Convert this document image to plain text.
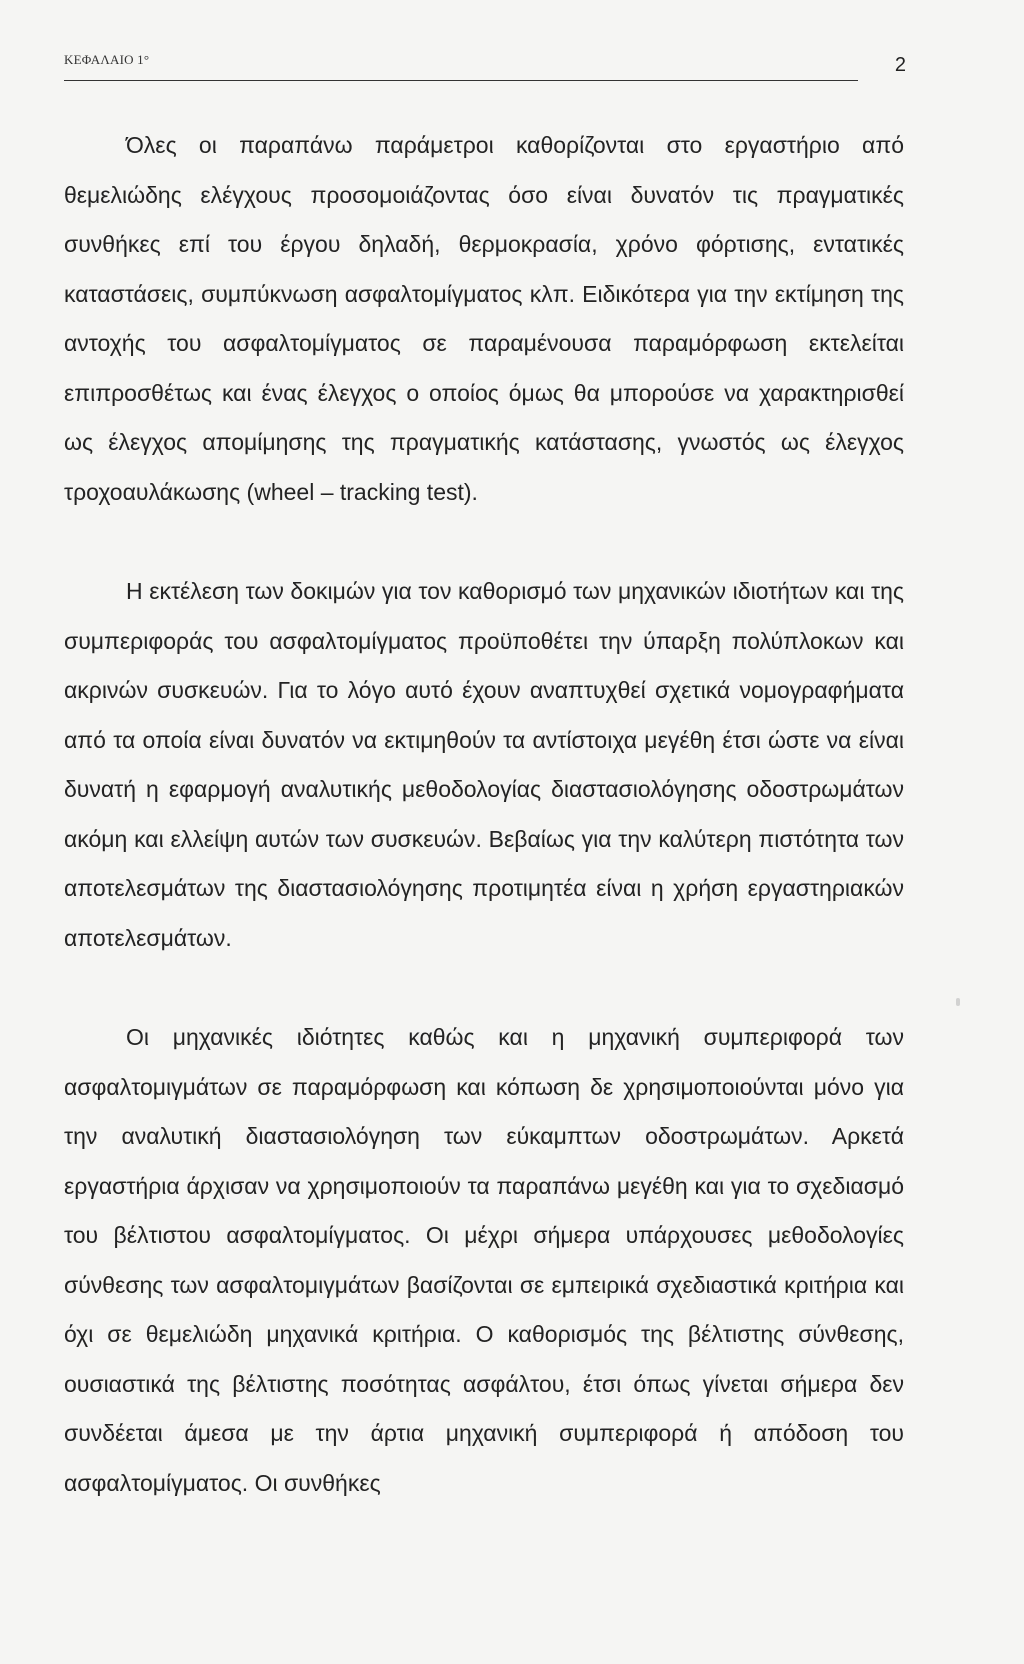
ΚΕΦΑΛΑΙΟ 1°	2

Όλες οι παραπάνω παράμετροι καθορίζονται στο εργαστήριο από θεμελιώδης ελέγχους προσομοιάζοντας όσο είναι δυνατόν τις πραγματικές συνθήκες επί του έργου δηλαδή, θερμοκρασία, χρόνο φόρτισης, εντατικές καταστάσεις, συμπύκνωση ασφαλτομίγματος κλπ. Ειδικότερα για την εκτίμηση της αντοχής του ασφαλτομίγματος σε παραμένουσα παραμόρφωση εκτελείται επιπροσθέτως και ένας έλεγχος ο οποίος όμως θα μπορούσε να χαρακτηρισθεί ως έλεγχος απομίμησης της πραγματικής κατάστασης, γνωστός ως έλεγχος τροχοαυλάκωσης (wheel – tracking test).

Η εκτέλεση των δοκιμών για τον καθορισμό των μηχανικών ιδιοτήτων και της συμπεριφοράς του ασφαλτομίγματος προϋποθέτει την ύπαρξη πολύπλοκων και ακρινών συσκευών. Για το λόγο αυτό έχουν αναπτυχθεί σχετικά νομογραφήματα από τα οποία είναι δυνατόν να εκτιμηθούν τα αντίστοιχα μεγέθη έτσι ώστε να είναι δυνατή η εφαρμογή αναλυτικής μεθοδολογίας διαστασιολόγησης οδοστρωμάτων ακόμη και ελλείψη αυτών των συσκευών. Βεβαίως για την καλύτερη πιστότητα των αποτελεσμάτων της διαστασιολόγησης προτιμητέα είναι η χρήση εργαστηριακών αποτελεσμάτων.

Οι μηχανικές ιδιότητες καθώς και η μηχανική συμπεριφορά των ασφαλτομιγμάτων σε παραμόρφωση και κόπωση δε χρησιμοποιούνται μόνο για την αναλυτική διαστασιολόγηση των εύκαμπτων οδοστρωμάτων. Αρκετά εργαστήρια άρχισαν να χρησιμοποιούν τα παραπάνω μεγέθη και για το σχεδιασμό του βέλτιστου ασφαλτομίγματος. Οι μέχρι σήμερα υπάρχουσες μεθοδολογίες σύνθεσης των ασφαλτομιγμάτων βασίζονται σε εμπειρικά σχεδιαστικά κριτήρια και όχι σε θεμελιώδη μηχανικά κριτήρια. Ο καθορισμός της βέλτιστης σύνθεσης, ουσιαστικά της βέλτιστης ποσότητας ασφάλτου, έτσι όπως γίνεται σήμερα δεν συνδέεται άμεσα με την άρτια μηχανική συμπεριφορά ή απόδοση του ασφαλτομίγματος. Οι συνθήκες
